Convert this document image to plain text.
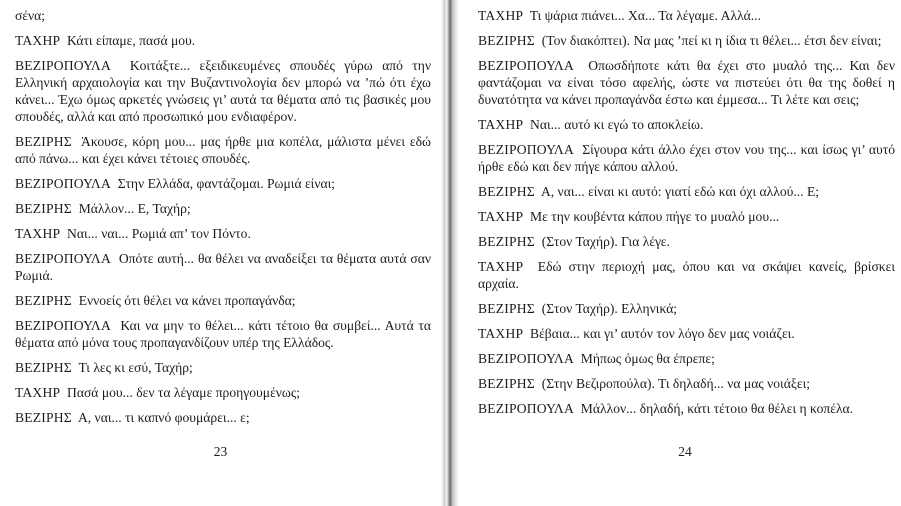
σένα;

ΤΑΧΗΡ Κάτι είπαμε, πασά μου.

ΒΕΖΙΡΟΠΟΥΛΑ Κοιτάξτε... εξειδικευμένες σπουδές γύρω από την Ελληνική αρχαιολογία και την Βυζαντινολογία δεν μπορώ να ’πώ ότι έχω κάνει... Έχω όμως αρκετές γνώσεις γι’ αυτά τα θέματα από τις βασικές μου σπουδές, αλλά και από προσωπικό μου ενδιαφέρον.

ΒΕΖΙΡΗΣ Άκουσε, κόρη μου... μας ήρθε μια κοπέλα, μάλιστα μένει εδώ από πάνω... και έχει κάνει τέτοιες σπουδές.

ΒΕΖΙΡΟΠΟΥΛΑ Στην Ελλάδα, φαντάζομαι. Ρωμιά είναι;

ΒΕΖΙΡΗΣ Μάλλον... Ε, Ταχήρ;

ΤΑΧΗΡ Ναι... ναι... Ρωμιά απ’ τον Πόντο.

ΒΕΖΙΡΟΠΟΥΛΑ Οπότε αυτή... θα θέλει να αναδείξει τα θέματα αυτά σαν Ρωμιά.

ΒΕΖΙΡΗΣ Εννοείς ότι θέλει να κάνει προπαγάνδα;

ΒΕΖΙΡΟΠΟΥΛΑ Και να μην το θέλει... κάτι τέτοιο θα συμβεί... Αυτά τα θέματα από μόνα τους προπαγανδίζουν υπέρ της Ελλάδος.

ΒΕΖΙΡΗΣ Τι λες κι εσύ, Ταχήρ;

ΤΑΧΗΡ Πασά μου... δεν τα λέγαμε προηγουμένως;

ΒΕΖΙΡΗΣ Α, ναι... τι καπνό φουμάρει... ε;

23

ΤΑΧΗΡ Τι ψάρια πιάνει... Χα... Τα λέγαμε. Αλλά...

ΒΕΖΙΡΗΣ (Τον διακόπτει). Να μας ’πεί κι η ίδια τι θέλει... έτσι δεν είναι;

ΒΕΖΙΡΟΠΟΥΛΑ Οπωσδήποτε κάτι θα έχει στο μυαλό της... Και δεν φαντάζομαι να είναι τόσο αφελής, ώστε να πιστεύει ότι θα της δοθεί η δυνατότητα να κάνει προπαγάνδα έστω και έμμεσα... Τι λέτε και σεις;

ΤΑΧΗΡ Ναι... αυτό κι εγώ το αποκλείω.

ΒΕΖΙΡΟΠΟΥΛΑ Σίγουρα κάτι άλλο έχει στον νου της... και ίσως γι’ αυτό ήρθε εδώ και δεν πήγε κάπου αλλού.

ΒΕΖΙΡΗΣ Α, ναι... είναι κι αυτό: γιατί εδώ και όχι αλλού... Ε;

ΤΑΧΗΡ Με την κουβέντα κάπου πήγε το μυαλό μου...

ΒΕΖΙΡΗΣ (Στον Ταχήρ). Για λέγε.

ΤΑΧΗΡ Εδώ στην περιοχή μας, όπου και να σκάψει κανείς, βρίσκει αρχαία.

ΒΕΖΙΡΗΣ (Στον Ταχήρ). Ελληνικά;

ΤΑΧΗΡ Βέβαια... και γι’ αυτόν τον λόγο δεν μας νοιάζει.

ΒΕΖΙΡΟΠΟΥΛΑ Μήπως όμως θα έπρεπε;

ΒΕΖΙΡΗΣ (Στην Βεζιροπούλα). Τι δηλαδή... να μας νοιάξει;

ΒΕΖΙΡΟΠΟΥΛΑ Μάλλον... δηλαδή, κάτι τέτοιο θα θέλει η κοπέλα.

24
